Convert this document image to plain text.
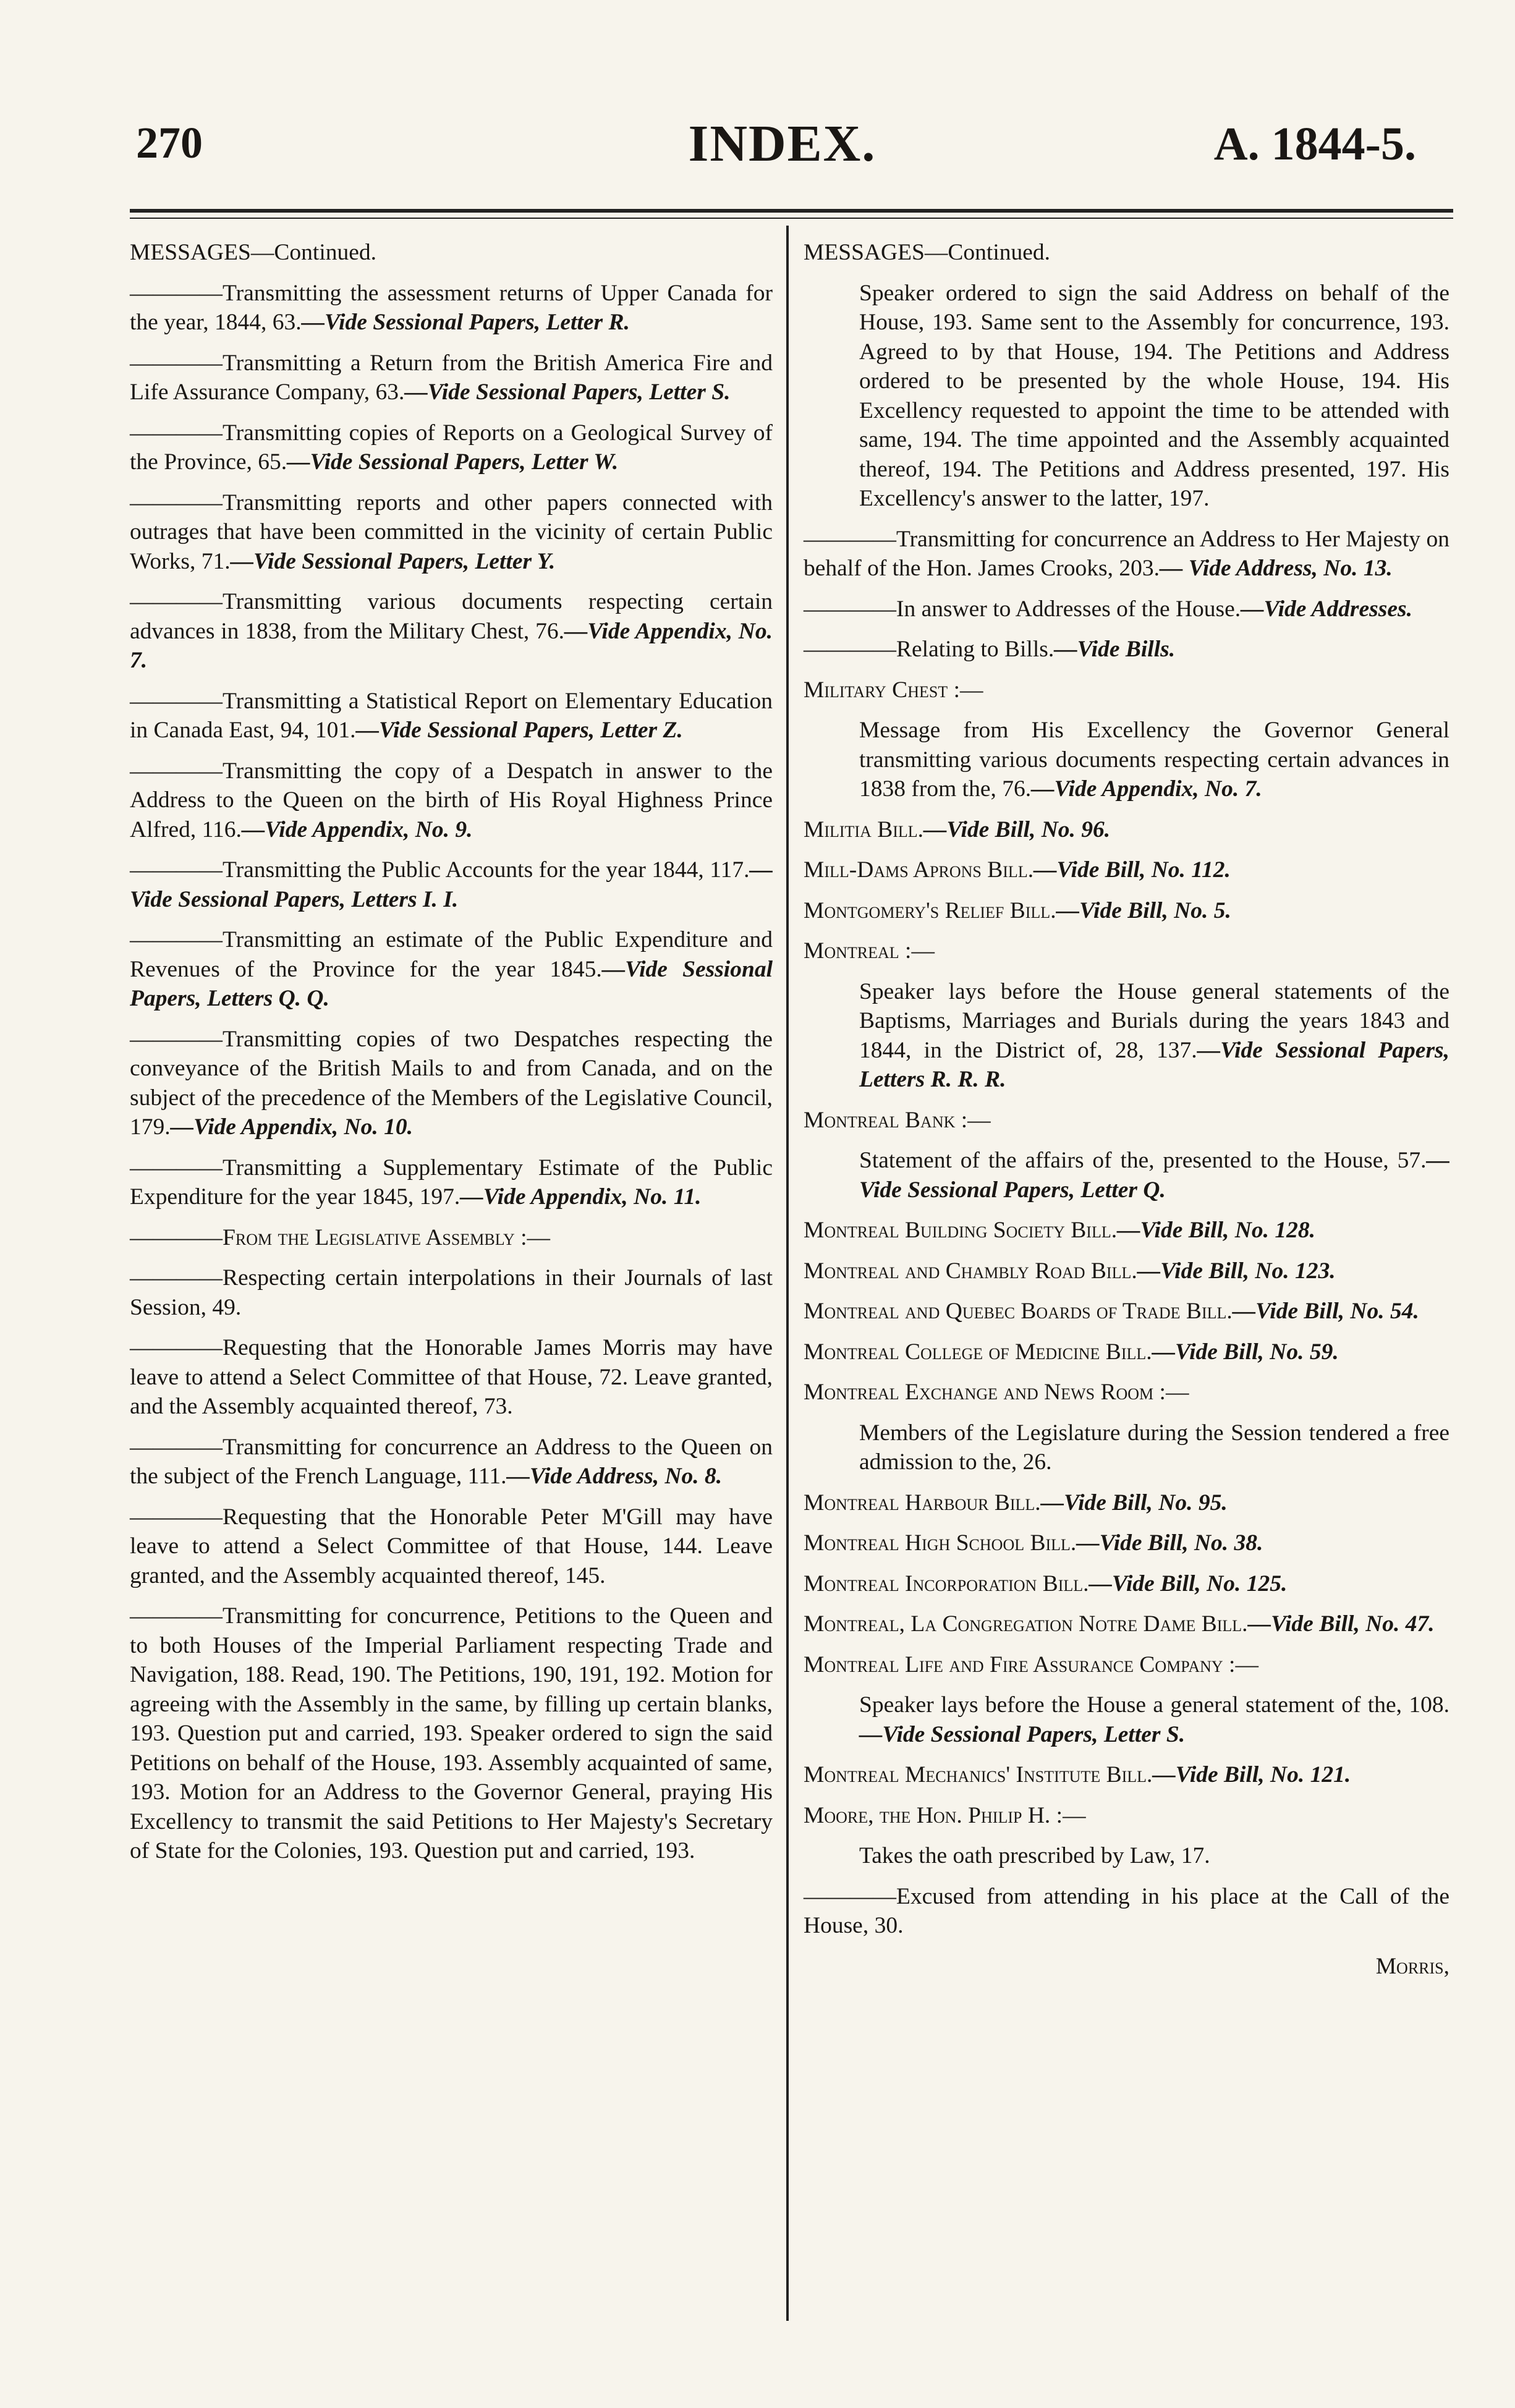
270	INDEX.	A. 1844-5.

MESSAGES—Continued.

————Transmitting the assessment returns of Upper Canada for the year, 1844, 63.—Vide Sessional Papers, Letter R.

————Transmitting a Return from the British America Fire and Life Assurance Company, 63.—Vide Sessional Papers, Letter S.

————Transmitting copies of Reports on a Geological Survey of the Province, 65.—Vide Sessional Papers, Letter W.

————Transmitting reports and other papers connected with outrages that have been committed in the vicinity of certain Public Works, 71.—Vide Sessional Papers, Letter Y.

————Transmitting various documents respecting certain advances in 1838, from the Military Chest, 76.—Vide Appendix, No. 7.

————Transmitting a Statistical Report on Elementary Education in Canada East, 94, 101.—Vide Sessional Papers, Letter Z.

————Transmitting the copy of a Despatch in answer to the Address to the Queen on the birth of His Royal Highness Prince Alfred, 116.—Vide Appendix, No. 9.

————Transmitting the Public Accounts for the year 1844, 117.—Vide Sessional Papers, Letters I. I.

————Transmitting an estimate of the Public Expenditure and Revenues of the Province for the year 1845.—Vide Sessional Papers, Letters Q. Q.

————Transmitting copies of two Despatches respecting the conveyance of the British Mails to and from Canada, and on the subject of the precedence of the Members of the Legislative Council, 179.—Vide Appendix, No. 10.

————Transmitting a Supplementary Estimate of the Public Expenditure for the year 1845, 197.—Vide Appendix, No. 11.

————From the Legislative Assembly :—

————Respecting certain interpolations in their Journals of last Session, 49.

————Requesting that the Honorable James Morris may have leave to attend a Select Committee of that House, 72. Leave granted, and the Assembly acquainted thereof, 73.

————Transmitting for concurrence an Address to the Queen on the subject of the French Language, 111.—Vide Address, No. 8.

————Requesting that the Honorable Peter M'Gill may have leave to attend a Select Committee of that House, 144. Leave granted, and the Assembly acquainted thereof, 145.

————Transmitting for concurrence, Petitions to the Queen and to both Houses of the Imperial Parliament respecting Trade and Navigation, 188. Read, 190. The Petitions, 190, 191, 192. Motion for agreeing with the Assembly in the same, by filling up certain blanks, 193. Question put and carried, 193. Speaker ordered to sign the said Petitions on behalf of the House, 193. Assembly acquainted of same, 193. Motion for an Address to the Governor General, praying His Excellency to transmit the said Petitions to Her Majesty's Secretary of State for the Colonies, 193. Question put and carried, 193.

MESSAGES—Continued.

Speaker ordered to sign the said Address on behalf of the House, 193. Same sent to the Assembly for concurrence, 193. Agreed to by that House, 194. The Petitions and Address ordered to be presented by the whole House, 194. His Excellency requested to appoint the time to be attended with same, 194. The time appointed and the Assembly acquainted thereof, 194. The Petitions and Address presented, 197. His Excellency's answer to the latter, 197.

————Transmitting for concurrence an Address to Her Majesty on behalf of the Hon. James Crooks, 203.— Vide Address, No. 13.

————In answer to Addresses of the House.—Vide Addresses.

————Relating to Bills.—Vide Bills.

Military Chest :—

Message from His Excellency the Governor General transmitting various documents respecting certain advances in 1838 from the, 76.—Vide Appendix, No. 7.

Militia Bill.—Vide Bill, No. 96.

Mill-Dams Aprons Bill.—Vide Bill, No. 112.

Montgomery's Relief Bill.—Vide Bill, No. 5.

Montreal :—

Speaker lays before the House general statements of the Baptisms, Marriages and Burials during the years 1843 and 1844, in the District of, 28, 137.—Vide Sessional Papers, Letters R. R. R.

Montreal Bank :—

Statement of the affairs of the, presented to the House, 57.—Vide Sessional Papers, Letter Q.

Montreal Building Society Bill.—Vide Bill, No. 128.

Montreal and Chambly Road Bill.—Vide Bill, No. 123.

Montreal and Quebec Boards of Trade Bill.—Vide Bill, No. 54.

Montreal College of Medicine Bill.—Vide Bill, No. 59.

Montreal Exchange and News Room :—

Members of the Legislature during the Session tendered a free admission to the, 26.

Montreal Harbour Bill.—Vide Bill, No. 95.

Montreal High School Bill.—Vide Bill, No. 38.

Montreal Incorporation Bill.—Vide Bill, No. 125.

Montreal, La Congregation Notre Dame Bill.—Vide Bill, No. 47.

Montreal Life and Fire Assurance Company :—

Speaker lays before the House a general statement of the, 108.—Vide Sessional Papers, Letter S.

Montreal Mechanics' Institute Bill.—Vide Bill, No. 121.

Moore, the Hon. Philip H. :—

Takes the oath prescribed by Law, 17.

————Excused from attending in his place at the Call of the House, 30.

Morris,
